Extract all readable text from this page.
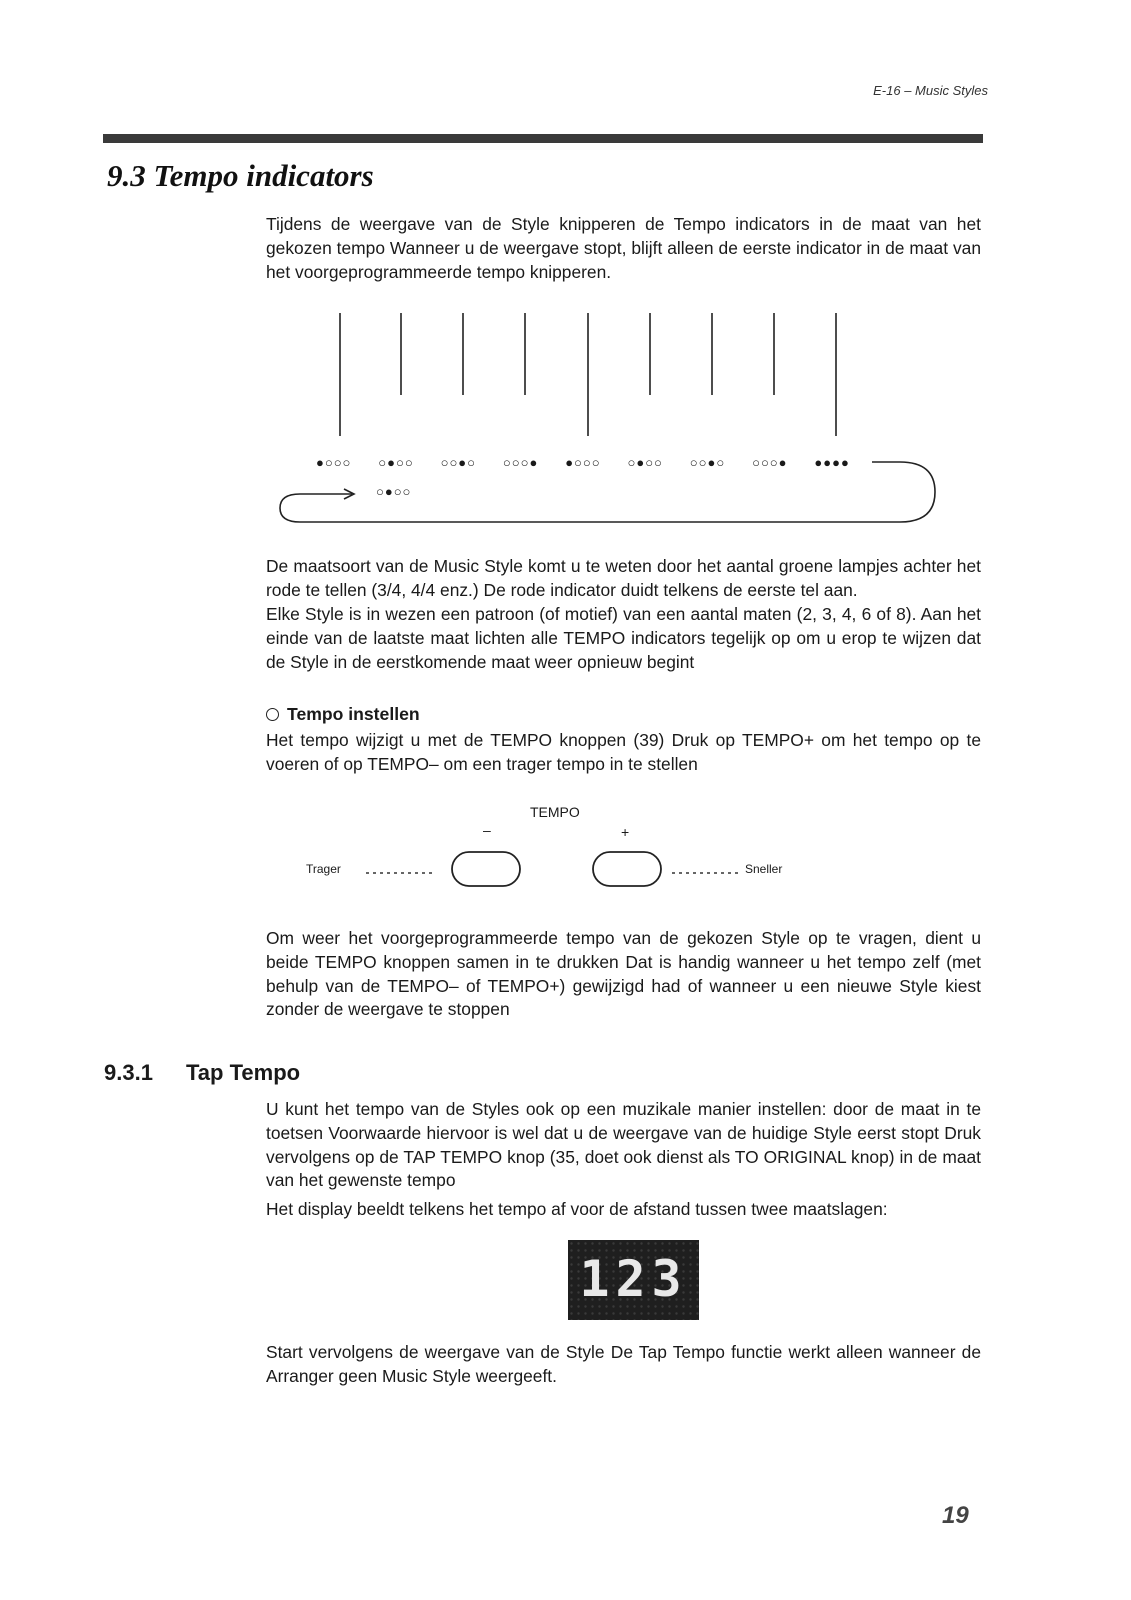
E-16 – Music Styles
9.3 Tempo indicators
Tijdens de weergave van de Style knipperen de Tempo indicators in de maat van het gekozen tempo Wanneer u de weergave stopt, blijft alleen de eerste indicator in de maat van het voorgeprogrammeerde tempo knipperen.
●○○○ ○●○○ ○○●○ ○○○● ●○○○ ○●○○ ○○●○ ○○○● ●●●●
○●○○
De maatsoort van de Music Style komt u te weten door het aantal groene lampjes achter het rode te tellen (3/4, 4/4 enz.) De rode indicator duidt telkens de eerste tel aan.
Elke Style is in wezen een patroon (of motief) van een aantal maten (2, 3, 4, 6 of 8). Aan het einde van de laatste maat lichten alle TEMPO indicators tegelijk op om u erop te wijzen dat de Style in de eerstkomende maat weer opnieuw begint
Tempo instellen
Het tempo wijzigt u met de TEMPO knoppen (39) Druk op TEMPO+ om het tempo op te voeren of op TEMPO– om een trager tempo in te stellen
TEMPO
–	+
Trager	Sneller
Om weer het voorgeprogrammeerde tempo van de gekozen Style op te vragen, dient u beide TEMPO knoppen samen in te drukken Dat is handig wanneer u het tempo zelf (met behulp van de TEMPO– of TEMPO+) gewijzigd had of wanneer u een nieuwe Style kiest zonder de weergave te stoppen
9.3.1 Tap Tempo
U kunt het tempo van de Styles ook op een muzikale manier instellen: door de maat in te toetsen Voorwaarde hiervoor is wel dat u de weergave van de huidige Style eerst stopt Druk vervolgens op de TAP TEMPO knop (35, doet ook dienst als TO ORIGINAL knop) in de maat van het gewenste tempo
Het display beeldt telkens het tempo af voor de afstand tussen twee maatslagen:
123
Start vervolgens de weergave van de Style De Tap Tempo functie werkt alleen wanneer de Arranger geen Music Style weergeeft.
19
